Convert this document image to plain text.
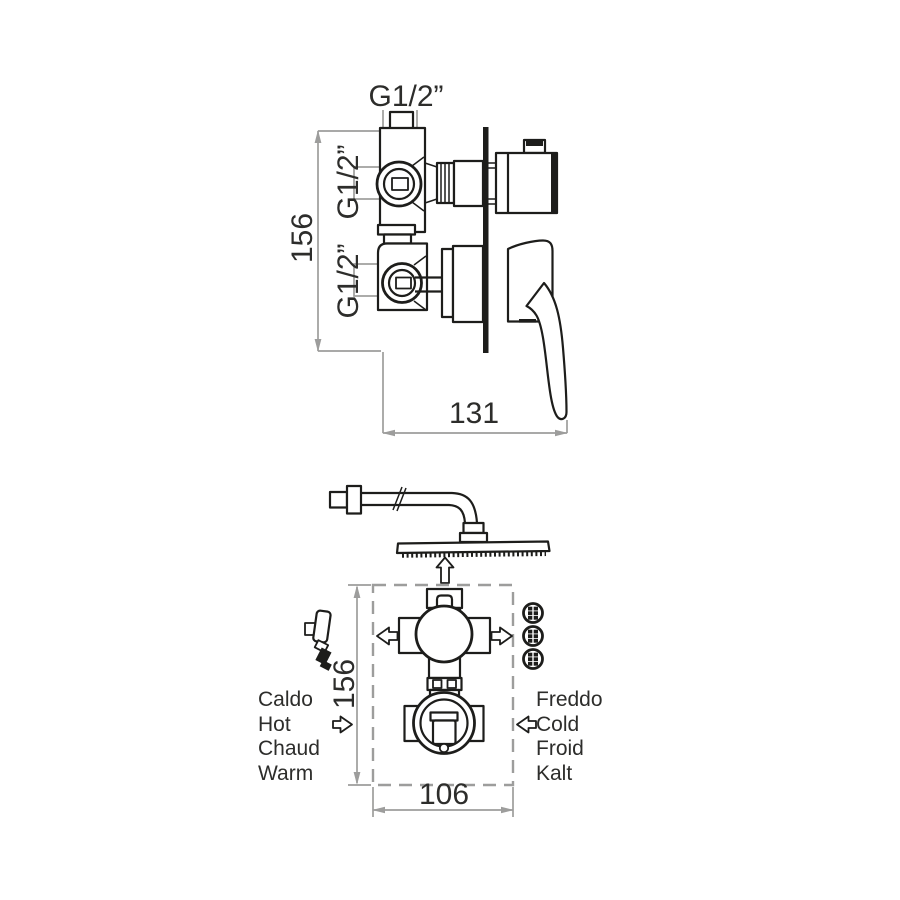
G1/2”
G1/2”
G1/2”
156
131
156
106
Caldo
Hot
Chaud
Warm
Freddo
Cold
Froid
Kalt
